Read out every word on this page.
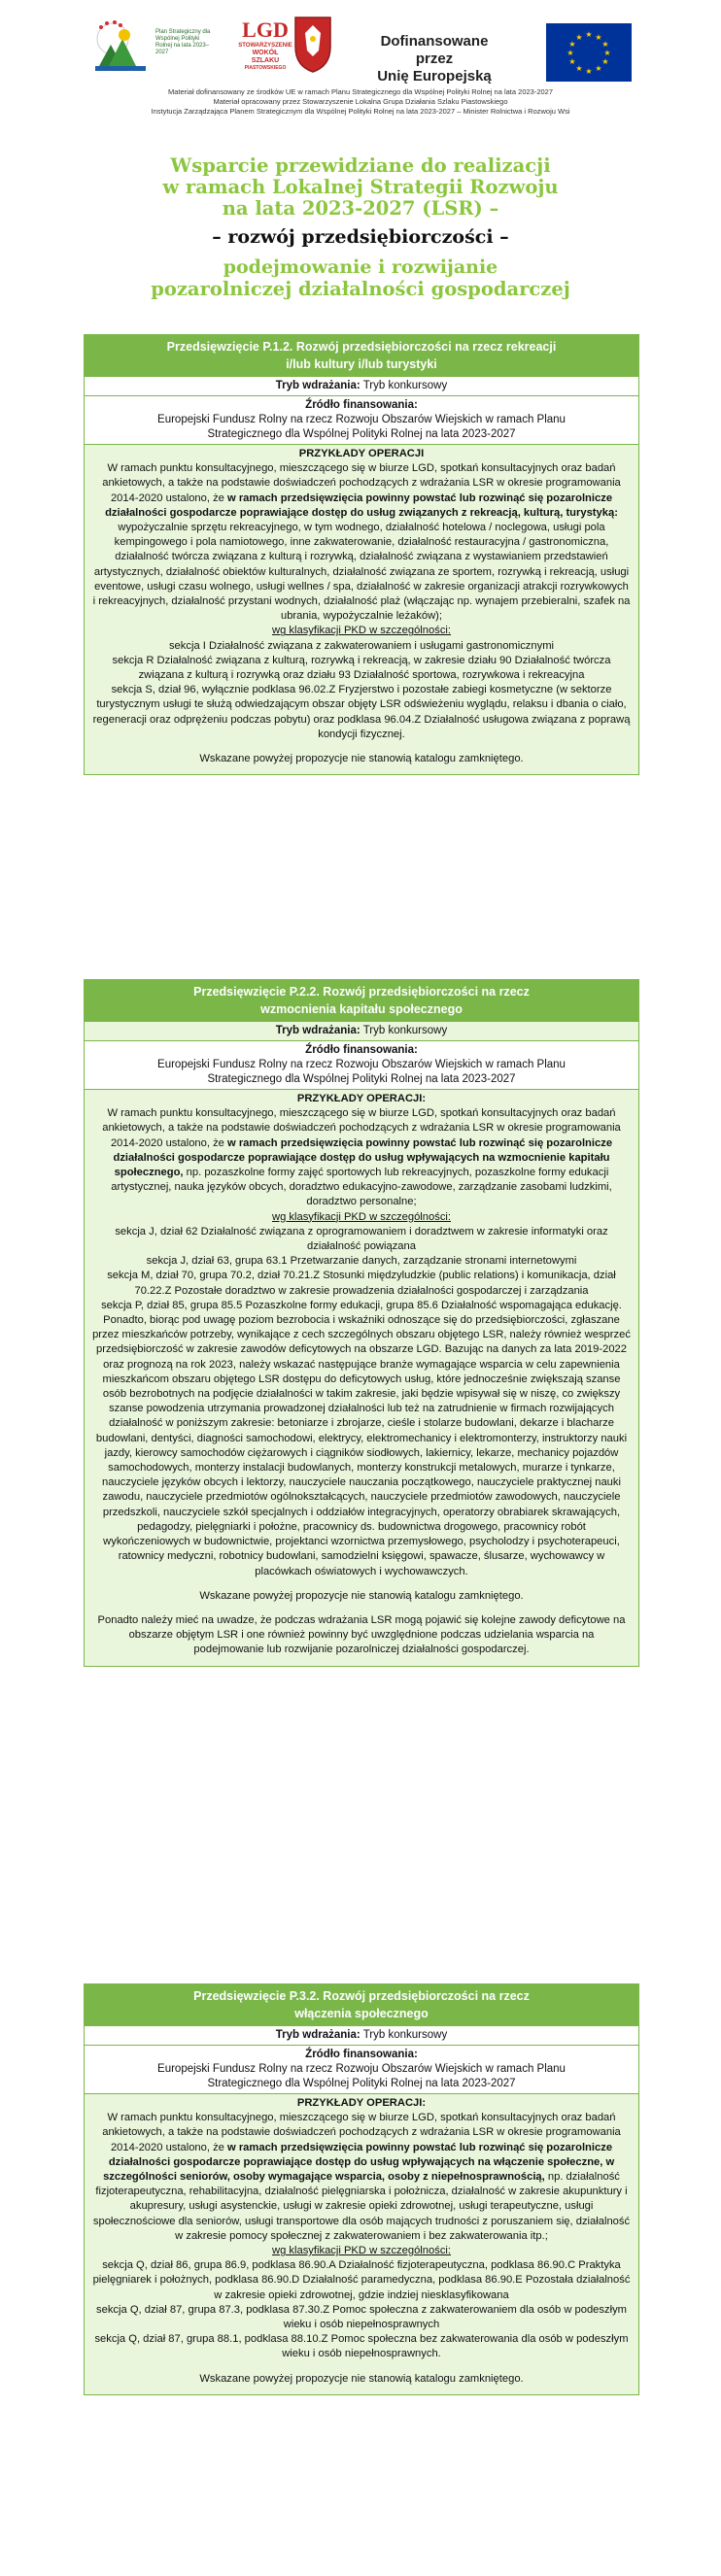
Plan Strategiczny dla Wspólnej Polityki Rolnej na lata 2023–2027
LGD
STOWARZYSZENIE
WOKÓŁ
SZLAKU
PIASTOWSKIEGO
Dofinansowane przez
Unię Europejską
★ ★
★
★
★
★
★
★
★
★
★
★
Materiał dofinansowany ze środków UE w ramach Planu Strategicznego dla Wspólnej Polityki Rolnej na lata 2023-2027
Materiał opracowany przez Stowarzyszenie Lokalna Grupa Działania Szlaku Piastowskiego
Instytucja Zarządzająca Planem Strategicznym dla Wspólnej Polityki Rolnej na lata 2023-2027 – Minister Rolnictwa i Rozwoju Wsi
Wsparcie przewidziane do realizacji
w ramach Lokalnej Strategii Rozwoju
na lata 2023-2027 (LSR) –
– rozwój przedsiębiorczości –
podejmowanie i rozwijanie
pozarolniczej działalności gospodarczej
Przedsięwzięcie P.1.2. Rozwój przedsiębiorczości na rzecz rekreacji
i/lub kultury i/lub turystyki
Tryb wdrażania: Tryb konkursowy
Źródło finansowania:
Europejski Fundusz Rolny na rzecz Rozwoju Obszarów Wiejskich w ramach Planu
Strategicznego dla Wspólnej Polityki Rolnej na lata 2023-2027

PRZYKŁADY OPERACJI

W ramach punktu konsultacyjnego, mieszczącego się w biurze LGD, spotkań konsultacyjnych oraz badań ankietowych, a także na podstawie doświadczeń pochodzących z wdrażania LSR w okresie programowania 2014-2020 ustalono, że w ramach przedsięwzięcia powinny powstać lub rozwinąć się pozarolnicze działalności gospodarcze poprawiające dostęp do usług związanych z rekreacją, kulturą, turystyką:

wypożyczalnie sprzętu rekreacyjnego, w tym wodnego, działalność hotelowa / noclegowa, usługi pola kempingowego i pola namiotowego, inne zakwaterowanie, działalność restauracyjna / gastronomiczna, działalność twórcza związana z kulturą i rozrywką, działalność związana z wystawianiem przedstawień artystycznych, działalność obiektów kulturalnych, działalność związana ze sportem, rozrywką i rekreacją, usługi eventowe, usługi czasu wolnego, usługi wellnes / spa, działalność w zakresie organizacji atrakcji rozrywkowych i rekreacyjnych, działalność przystani wodnych, działalność plaż (włączając np. wynajem przebieralni, szafek na ubrania, wypożyczalnie leżaków);

wg klasyfikacji PKD w szczególności:

sekcja I Działalność związana z zakwaterowaniem i usługami gastronomicznymi

sekcja R Działalność związana z kulturą, rozrywką i rekreacją, w zakresie działu 90 Działalność twórcza związana z kulturą i rozrywką oraz działu 93 Działalność sportowa, rozrywkowa i rekreacyjna

sekcja S, dział 96, wyłącznie podklasa 96.02.Z Fryzjerstwo i pozostałe zabiegi kosmetyczne (w sektorze turystycznym usługi te służą odwiedzającym obszar objęty LSR odświeżeniu wyglądu, relaksu i dbania o ciało, regeneracji oraz odprężeniu podczas pobytu) oraz podklasa 96.04.Z Działalność usługowa związana z poprawą kondycji fizycznej.

Wskazane powyżej propozycje nie stanowią katalogu zamkniętego.

Przedsięwzięcie P.2.2. Rozwój przedsiębiorczości na rzecz
wzmocnienia kapitału społecznego
Tryb wdrażania: Tryb konkursowy
Źródło finansowania:
Europejski Fundusz Rolny na rzecz Rozwoju Obszarów Wiejskich w ramach Planu
Strategicznego dla Wspólnej Polityki Rolnej na lata 2023-2027

PRZYKŁADY OPERACJI:

W ramach punktu konsultacyjnego, mieszczącego się w biurze LGD, spotkań konsultacyjnych oraz badań ankietowych, a także na podstawie doświadczeń pochodzących z wdrażania LSR w okresie programowania 2014-2020 ustalono, że w ramach przedsięwzięcia powinny powstać lub rozwinąć się pozarolnicze działalności gospodarcze poprawiające dostęp do usług wpływających na wzmocnienie kapitału społecznego, np. pozaszkolne formy zajęć sportowych lub rekreacyjnych, pozaszkolne formy edukacji artystycznej, nauka języków obcych, doradztwo edukacyjno-zawodowe, zarządzanie zasobami ludzkimi, doradztwo personalne;

wg klasyfikacji PKD w szczególności:

sekcja J, dział 62 Działalność związana z oprogramowaniem i doradztwem w zakresie informatyki oraz działalność powiązana

sekcja J, dział 63, grupa 63.1 Przetwarzanie danych, zarządzanie stronami internetowymi

sekcja M, dział 70, grupa 70.2, dział 70.21.Z Stosunki międzyludzkie (public relations) i komunikacja, dział 70.22.Z Pozostałe doradztwo w zakresie prowadzenia działalności gospodarczej i zarządzania

sekcja P, dział 85, grupa 85.5 Pozaszkolne formy edukacji, grupa 85.6 Działalność wspomagająca edukację.

Ponadto, biorąc pod uwagę poziom bezrobocia i wskaźniki odnoszące się do przedsiębiorczości, zgłaszane przez mieszkańców potrzeby, wynikające z cech szczególnych obszaru objętego LSR, należy również wesprzeć przedsiębiorczość w zakresie zawodów deficytowych na obszarze LGD. Bazując na danych za lata 2019-2022 oraz prognozą na rok 2023, należy wskazać następujące branże wymagające wsparcia w celu zapewnienia mieszkańcom obszaru objętego LSR dostępu do deficytowych usług, które jednocześnie zwiększają szanse osób bezrobotnych na podjęcie działalności w takim zakresie, jaki będzie wpisywał się w niszę, co zwiększy szanse powodzenia utrzymania prowadzonej działalności lub też na zatrudnienie w firmach rozwijających działalność w poniższym zakresie: betoniarze i zbrojarze, cieśle i stolarze budowlani, dekarze i blacharze budowlani, dentyści, diagności samochodowi, elektrycy, elektromechanicy i elektromonterzy, instruktorzy nauki jazdy, kierowcy samochodów ciężarowych i ciągników siodłowych, lakiernicy, lekarze, mechanicy pojazdów samochodowych, monterzy instalacji budowlanych, monterzy konstrukcji metalowych, murarze i tynkarze, nauczyciele języków obcych i lektorzy, nauczyciele nauczania początkowego, nauczyciele praktycznej nauki zawodu, nauczyciele przedmiotów ogólnokształcących, nauczyciele przedmiotów zawodowych, nauczyciele przedszkoli, nauczyciele szkół specjalnych i oddziałów integracyjnych, operatorzy obrabiarek skrawających, pedagodzy, pielęgniarki i położne, pracownicy ds. budownictwa drogowego, pracownicy robót wykończeniowych w budownictwie, projektanci wzornictwa przemysłowego, psycholodzy i psychoterapeuci, ratownicy medyczni, robotnicy budowlani, samodzielni księgowi, spawacze, ślusarze, wychowawcy w placówkach oświatowych i wychowawczych.

Wskazane powyżej propozycje nie stanowią katalogu zamkniętego.

Ponadto należy mieć na uwadze, że podczas wdrażania LSR mogą pojawić się kolejne zawody deficytowe na obszarze objętym LSR i one również powinny być uwzględnione podczas udzielania wsparcia na podejmowanie lub rozwijanie pozarolniczej działalności gospodarczej.

Przedsięwzięcie P.3.2. Rozwój przedsiębiorczości na rzecz
włączenia społecznego
Tryb wdrażania: Tryb konkursowy
Źródło finansowania:
Europejski Fundusz Rolny na rzecz Rozwoju Obszarów Wiejskich w ramach Planu
Strategicznego dla Wspólnej Polityki Rolnej na lata 2023-2027

PRZYKŁADY OPERACJI:

W ramach punktu konsultacyjnego, mieszczącego się w biurze LGD, spotkań konsultacyjnych oraz badań ankietowych, a także na podstawie doświadczeń pochodzących z wdrażania LSR w okresie programowania 2014-2020 ustalono, że w ramach przedsięwzięcia powinny powstać lub rozwinąć się pozarolnicze działalności gospodarcze poprawiające dostęp do usług wpływających na włączenie społeczne, w szczególności seniorów, osoby wymagające wsparcia, osoby z niepełnosprawnością, np. działalność fizjoterapeutyczna, rehabilitacyjna, działalność pielęgniarska i położnicza, działalność w zakresie akupunktury i akupresury, usługi asystenckie, usługi w zakresie opieki zdrowotnej, usługi terapeutyczne, usługi społecznościowe dla seniorów, usługi transportowe dla osób mających trudności z poruszaniem się, działalność w zakresie pomocy społecznej z zakwaterowaniem i bez zakwaterowania itp.;

wg klasyfikacji PKD w szczególności:

sekcja Q, dział 86, grupa 86.9, podklasa 86.90.A Działalność fizjoterapeutyczna, podklasa 86.90.C Praktyka pielęgniarek i położnych, podklasa 86.90.D Działalność paramedyczna, podklasa 86.90.E Pozostała działalność w zakresie opieki zdrowotnej, gdzie indziej niesklasyfikowana

sekcja Q, dział 87, grupa 87.3, podklasa 87.30.Z Pomoc społeczna z zakwaterowaniem dla osób w podeszłym wieku i osób niepełnosprawnych

sekcja Q, dział 87, grupa 88.1, podklasa 88.10.Z Pomoc społeczna bez zakwaterowania dla osób w podeszłym wieku i osób niepełnosprawnych.

Wskazane powyżej propozycje nie stanowią katalogu zamkniętego.
